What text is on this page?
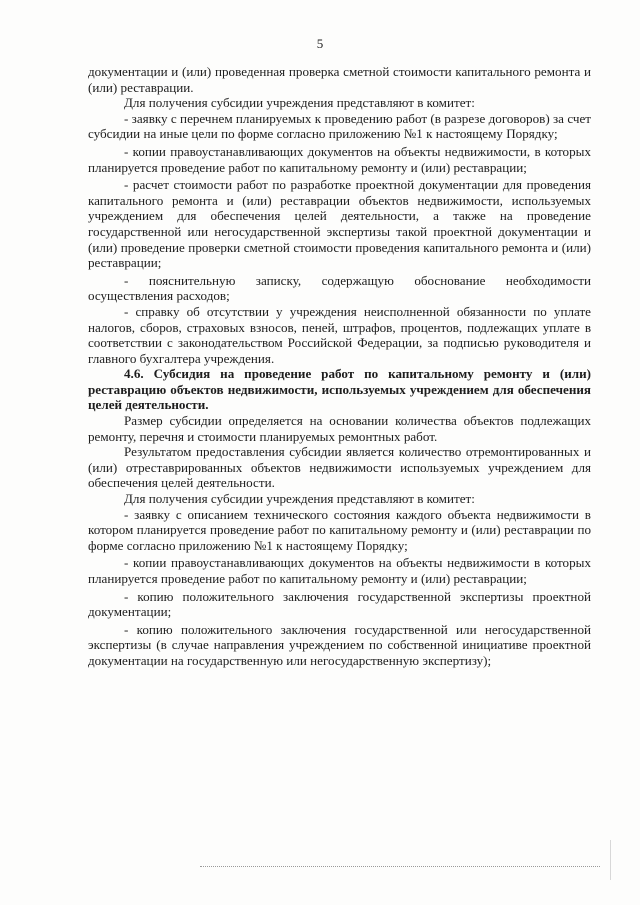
5

документации и (или) проведенная проверка сметной стоимости капитального ремонта и (или) реставрации.

Для получения субсидии учреждения представляют в комитет:

- заявку с перечнем планируемых к проведению работ (в разрезе договоров) за счет субсидии на иные цели по форме согласно приложению №1 к настоящему Порядку;

- копии правоустанавливающих документов на объекты недвижимости, в которых планируется проведение работ по капитальному ремонту и (или) реставрации;

- расчет стоимости работ по разработке проектной документации для проведения капитального ремонта и (или) реставрации объектов недвижимости, используемых учреждением для обеспечения целей деятельности, а также на проведение государственной или негосударственной экспертизы такой проектной документации и (или) проведение проверки сметной стоимости проведения капитального ремонта и (или) реставрации;

- пояснительную записку, содержащую обоснование необходимости осуществления расходов;

- справку об отсутствии у учреждения неисполненной обязанности по уплате налогов, сборов, страховых взносов, пеней, штрафов, процентов, подлежащих уплате в соответствии с законодательством Российской Федерации, за подписью руководителя и главного бухгалтера учреждения.

4.6. Субсидия на проведение работ по капитальному ремонту и (или) реставрацию объектов недвижимости, используемых учреждением для обеспечения целей деятельности.

Размер субсидии определяется на основании количества объектов подлежащих ремонту, перечня и стоимости планируемых ремонтных работ.

Результатом предоставления субсидии является количество отремонтированных и (или) отреставрированных объектов недвижимости используемых учреждением для обеспечения целей деятельности.

Для получения субсидии учреждения представляют в комитет:

- заявку с описанием технического состояния каждого объекта недвижимости в котором планируется проведение работ по капитальному ремонту и (или) реставрации по форме согласно приложению №1 к настоящему Порядку;

- копии правоустанавливающих документов на объекты недвижимости в которых планируется проведение работ по капитальному ремонту и (или) реставрации;

- копию положительного заключения государственной экспертизы проектной документации;

- копию положительного заключения государственной или негосударственной экспертизы (в случае направления учреждением по собственной инициативе проектной документации на государственную или негосударственную экспертизу);
